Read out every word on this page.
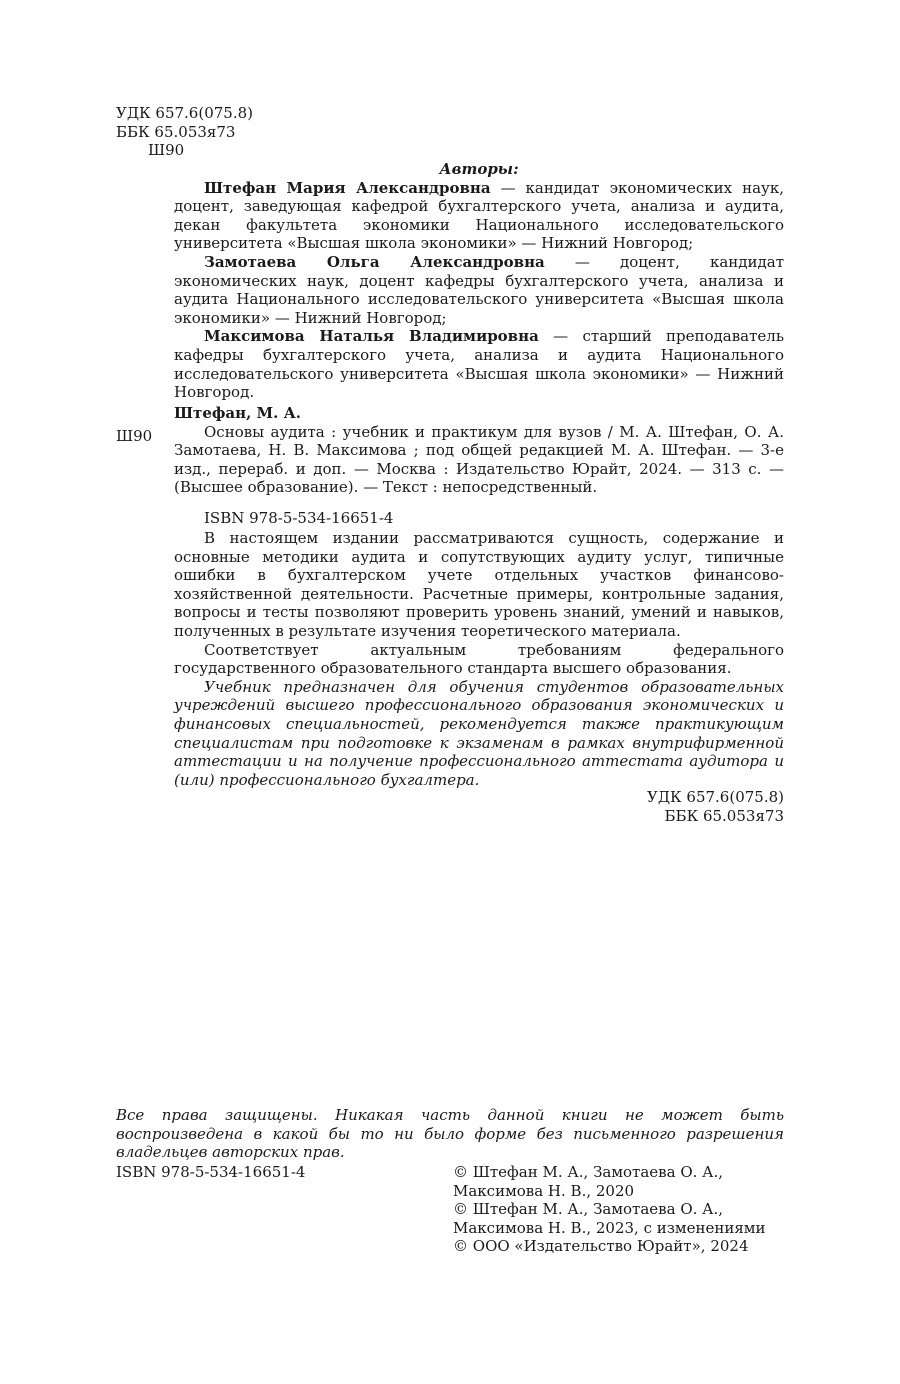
УДК 657.6(075.8)
ББК 65.053я73
Ш90
Авторы:

Штефан Мария Александровна — кандидат экономических наук, доцент, заведующая кафедрой бухгалтерского учета, анализа и аудита, декан факультета экономики Национального исследовательского университета «Высшая школа экономики» — Нижний Новгород;

Замотаева Ольга Александровна — доцент, кандидат экономических наук, доцент кафедры бухгалтерского учета, анализа и аудита Национального исследовательского университета «Высшая школа экономики» — Нижний Новгород;

Максимова Наталья Владимировна — старший преподаватель кафедры бухгалтерского учета, анализа и аудита Национального исследовательского университета «Высшая школа экономики» — Нижний Новгород.

Ш90
Штефан, М. А.

Основы аудита : учебник и практикум для вузов / М. А. Штефан, О. А. Замотаева, Н. В. Максимова ; под общей редакцией М. А. Штефан. — 3-е изд., перераб. и доп. — Москва : Издательство Юрайт, 2024. — 313 с. — (Высшее образование). — Текст : непосредственный.

ISBN 978-5-534-16651-4

В настоящем издании рассматриваются сущность, содержание и основные методики аудита и сопутствующих аудиту услуг, типичные ошибки в бухгалтерском учете отдельных участков финансово-хозяйственной деятельности. Расчетные примеры, контрольные задания, вопросы и тесты позволяют проверить уровень знаний, умений и навыков, полученных в результате изучения теоретического материала.

Соответствует актуальным требованиям федерального государственного образовательного стандарта высшего образования.

Учебник предназначен для обучения студентов образовательных учреждений высшего профессионального образования экономических и финансовых специальностей, рекомендуется также практикующим специалистам при подготовке к экзаменам в рамках внутрифирменной аттестации и на получение профессионального аттестата аудитора и (или) профессионального бухгалтера.

УДК 657.6(075.8)
ББК 65.053я73
Все права защищены. Никакая часть данной книги не может быть воспроизведена в какой бы то ни было форме без письменного разрешения владельцев авторских прав.
ISBN 978-5-534-16651-4	© Штефан М. А., Замотаева О. А.,
Максимова Н. В., 2020
© Штефан М. А., Замотаева О. А.,
Максимова Н. В., 2023, с изменениями
© ООО «Издательство Юрайт», 2024
